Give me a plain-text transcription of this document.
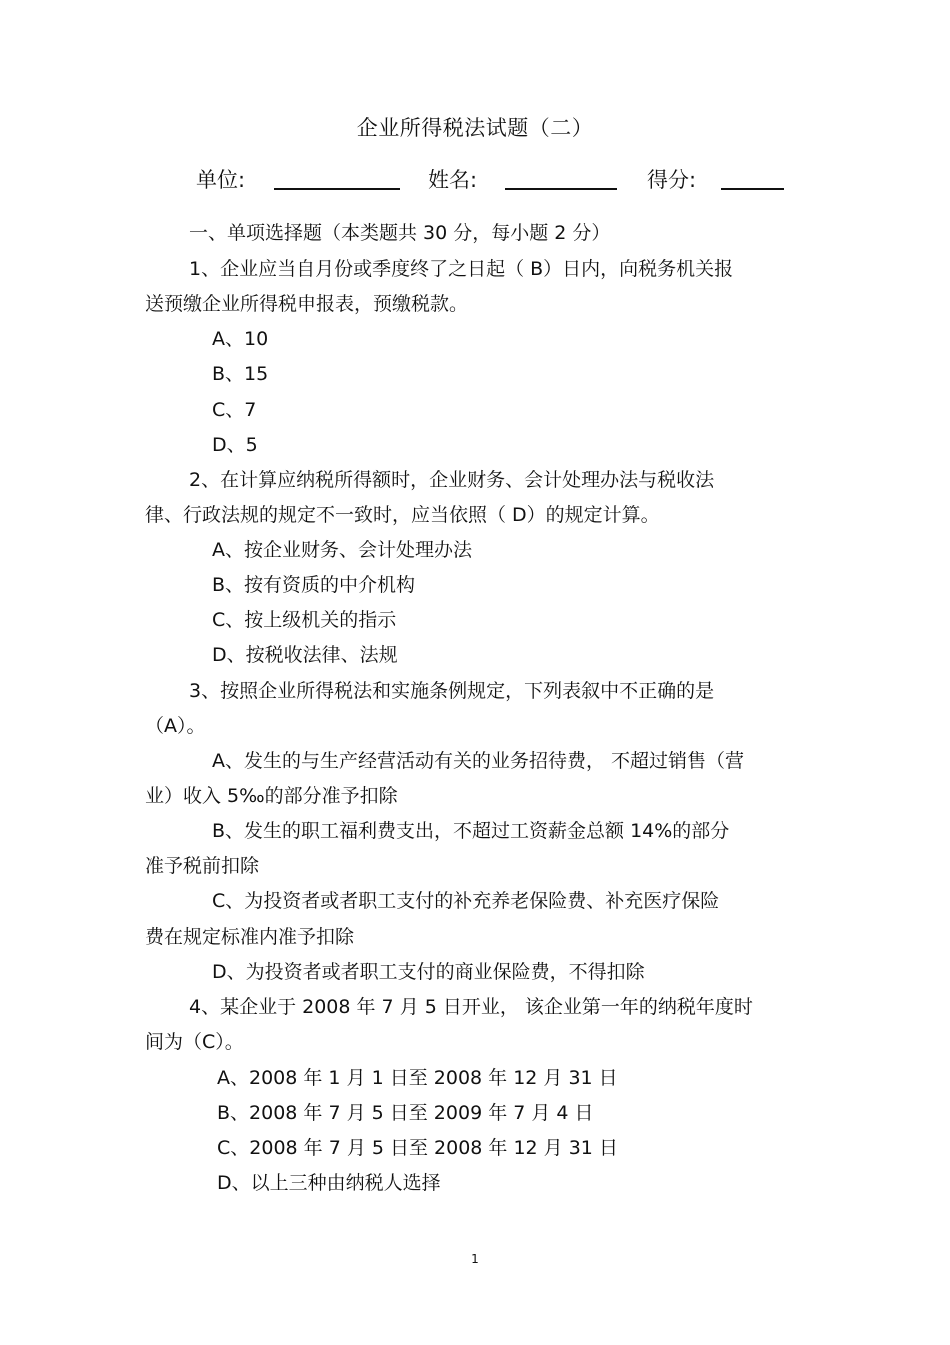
企业所得税法试题（二）
单位:	姓名:	得分:
一、单项选择题（本类题共 30 分，每小题 2 分）
1、企业应当自月份或季度终了之日起（ B）日内，向税务机关报
送预缴企业所得税申报表，预缴税款。
A、10
B、15
C、7
D、5
2、在计算应纳税所得额时，企业财务、会计处理办法与税收法
律、行政法规的规定不一致时，应当依照（ D）的规定计算。
A、按企业财务、会计处理办法
B、按有资质的中介机构
C、按上级机关的指示
D、按税收法律、法规
3、按照企业所得税法和实施条例规定，下列表叙中不正确的是
（A）。
A、发生的与生产经营活动有关的业务招待费， 不超过销售（营
业）收入 5‰的部分准予扣除
B、发生的职工福利费支出，不超过工资薪金总额 14%的部分
准予税前扣除
C、为投资者或者职工支付的补充养老保险费、补充医疗保险
费在规定标准内准予扣除
D、为投资者或者职工支付的商业保险费，不得扣除
4、某企业于 2008 年 7 月 5 日开业， 该企业第一年的纳税年度时
间为（C）。
A、2008 年 1 月 1 日至 2008 年 12 月 31 日
B、2008 年 7 月 5 日至 2009 年 7 月 4 日
C、2008 年 7 月 5 日至 2008 年 12 月 31 日
D、以上三种由纳税人选择
1
